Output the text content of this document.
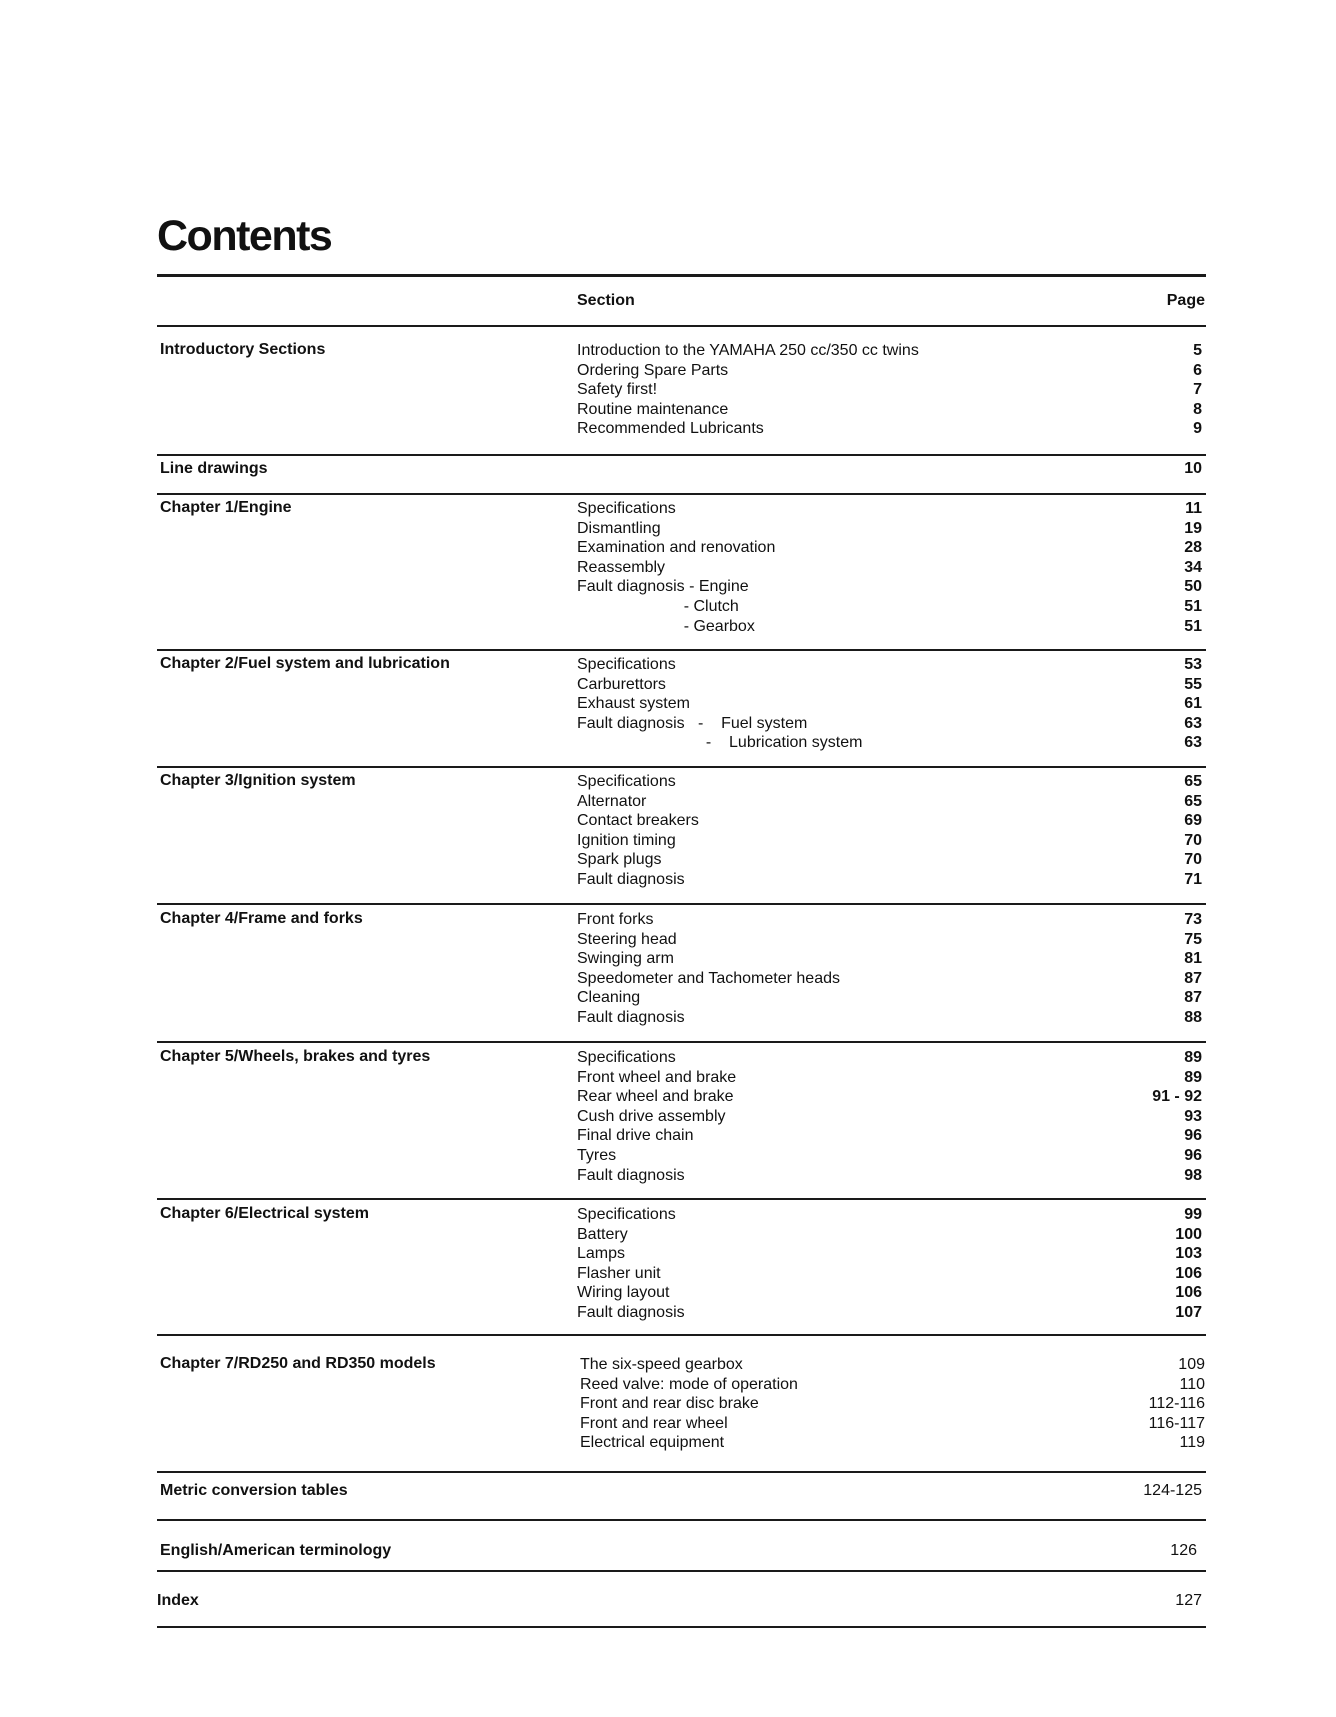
Contents
Section	Page
Introductory Sections	Introduction to the YAMAHA 250 cc/350 cc twins	5
Ordering Spare Parts	6
Safety first!	7
Routine maintenance	8
Recommended Lubricants	9
Line drawings	10
Chapter 1/Engine	Specifications	11
Dismantling	19
Examination and renovation	28
Reassembly	34
Fault diagnosis - Engine	50
- Clutch	51
- Gearbox	51
Chapter 2/Fuel system and lubrication	Specifications	53
Carburettors	55
Exhaust system	61
Fault diagnosis   -    Fuel system	63
-    Lubrication system	63
Chapter 3/Ignition system	Specifications	65
Alternator	65
Contact breakers	69
Ignition timing	70
Spark plugs	70
Fault diagnosis	71
Chapter 4/Frame and forks	Front forks	73
Steering head	75
Swinging arm	81
Speedometer and Tachometer heads	87
Cleaning	87
Fault diagnosis	88
Chapter 5/Wheels, brakes and tyres	Specifications	89
Front wheel and brake	89
Rear wheel and brake	91 - 92
Cush drive assembly	93
Final drive chain	96
Tyres	96
Fault diagnosis	98
Chapter 6/Electrical system	Specifications	99
Battery	100
Lamps	103
Flasher unit	106
Wiring layout	106
Fault diagnosis	107
Chapter 7/RD250 and RD350 models	The six-speed gearbox	109
Reed valve: mode of operation	110
Front and rear disc brake	112-116
Front and rear wheel	116-117
Electrical equipment	119
Metric conversion tables	124-125
English/American terminology	126
Index	127
